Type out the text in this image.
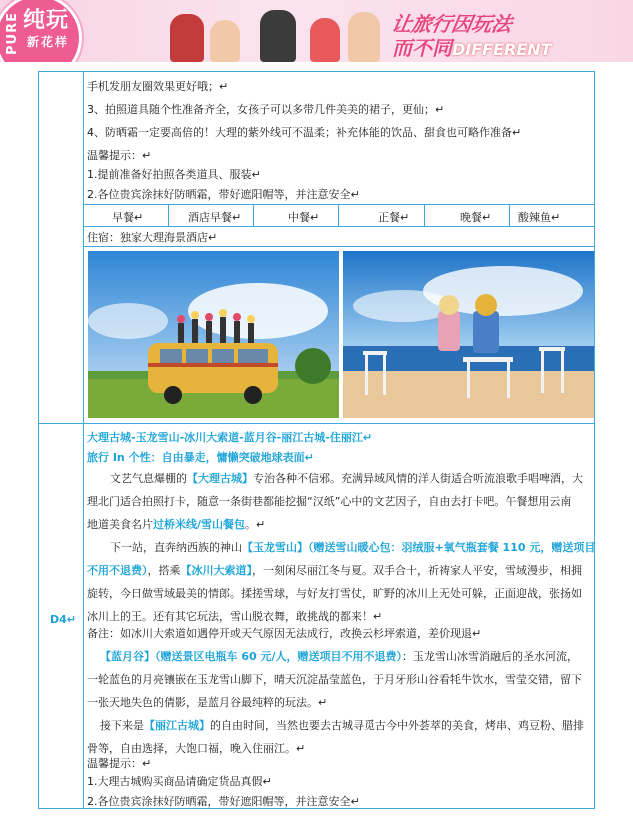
纯玩
新花样
PURE	让旅行因玩法
而不同DIFFERENT
手机发朋友圈效果更好哦；↵
3、拍照道具随个性准备齐全，女孩子可以多带几件美美的裙子，更仙；↵
4、防晒霜一定要高倍的！大理的紫外线可不温柔；补充体能的饮品、甜食也可略作准备↵
温馨提示：↵
1.提前准备好拍照各类道具、服装↵
2.各位贵宾涂抹好防晒霜，带好遮阳帽等，并注意安全↵
早餐↵	酒店早餐↵	中餐↵	正餐↵	晚餐↵ 酸辣鱼↵
住宿：独家大理海景酒店↵
D4↵
大理古城-玉龙雪山-冰川大索道-蓝月谷-丽江古城-住丽江↵
旅行 In 个性：自由暴走，慵懒突破地球表面↵
文艺气息爆棚的【大理古城】专治各种不信邪。充满异域风情的洋人街适合听流浪歌手唱啤酒，大
理北门适合拍照打卡，随意一条街巷都能挖掘“汉纸”心中的文艺因子，自由去打卡吧。午餐想用云南
地道美食名片过桥米线/雪山餐包。↵
下一站，直奔纳西族的神山【玉龙雪山】（赠送雪山暖心包：羽绒服+氧气瓶套餐 110 元，赠送项目
不用不退费），搭乘【冰川大索道】，一刻闲尽丽江冬与夏。双手合十，祈祷家人平安，雪域漫步，相拥
旋转，今日做雪域最美的情郎。揉搓雪球，与好友打雪仗，旷野的冰川上无处可躲，正面迎战，张扬如
冰川上的王。还有其它玩法，雪山脱衣舞，敢挑战的都来！↵
备注：如冰川大索道如遇停开或天气原因无法成行，改换云杉坪索道，差价现退↵
【蓝月谷】（赠送景区电瓶车 60 元/人，赠送项目不用不退费）：玉龙雪山冰雪消融后的圣水河流，
一轮蓝色的月亮镶嵌在玉龙雪山脚下，晴天沉淀晶莹蓝色，于月牙形山谷看牦牛饮水，雪莹交错，留下
一张天地失色的倩影，是蓝月谷最纯粹的玩法。↵
接下来是【丽江古城】的自由时间，当然也要去古城寻觅古今中外荟萃的美食，烤串、鸡豆粉、腊排
骨等，自由选择，大饱口福，晚入住丽江。↵
温馨提示：↵
1.大理古城购买商品请确定货品真假↵
2.各位贵宾涂抹好防晒霜，带好遮阳帽等，并注意安全↵
